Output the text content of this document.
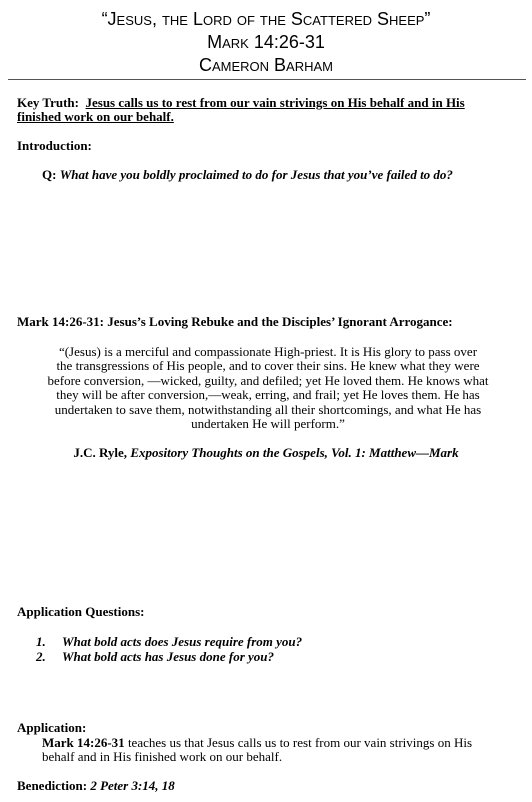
“Jesus, the Lord of the Scattered Sheep”
Mark 14:26-31
Cameron Barham
Key Truth: Jesus calls us to rest from our vain strivings on His behalf and in His finished work on our behalf.
Introduction:
Q: What have you boldly proclaimed to do for Jesus that you’ve failed to do?
Mark 14:26-31: Jesus’s Loving Rebuke and the Disciples’ Ignorant Arrogance:
“(Jesus) is a merciful and compassionate High-priest. It is His glory to pass over
the transgressions of His people, and to cover their sins. He knew what they were
before conversion, —wicked, guilty, and defiled; yet He loved them. He knows what
they will be after conversion,—weak, erring, and frail; yet He loves them. He has
undertaken to save them, notwithstanding all their shortcomings, and what He has
undertaken He will perform.”
J.C. Ryle, Expository Thoughts on the Gospels, Vol. 1: Matthew—Mark
Application Questions:
1.	What bold acts does Jesus require from you?
2.	What bold acts has Jesus done for you?
Application:
Mark 14:26-31 teaches us that Jesus calls us to rest from our vain strivings on His
behalf and in His finished work on our behalf.
Benediction: 2 Peter 3:14, 18
